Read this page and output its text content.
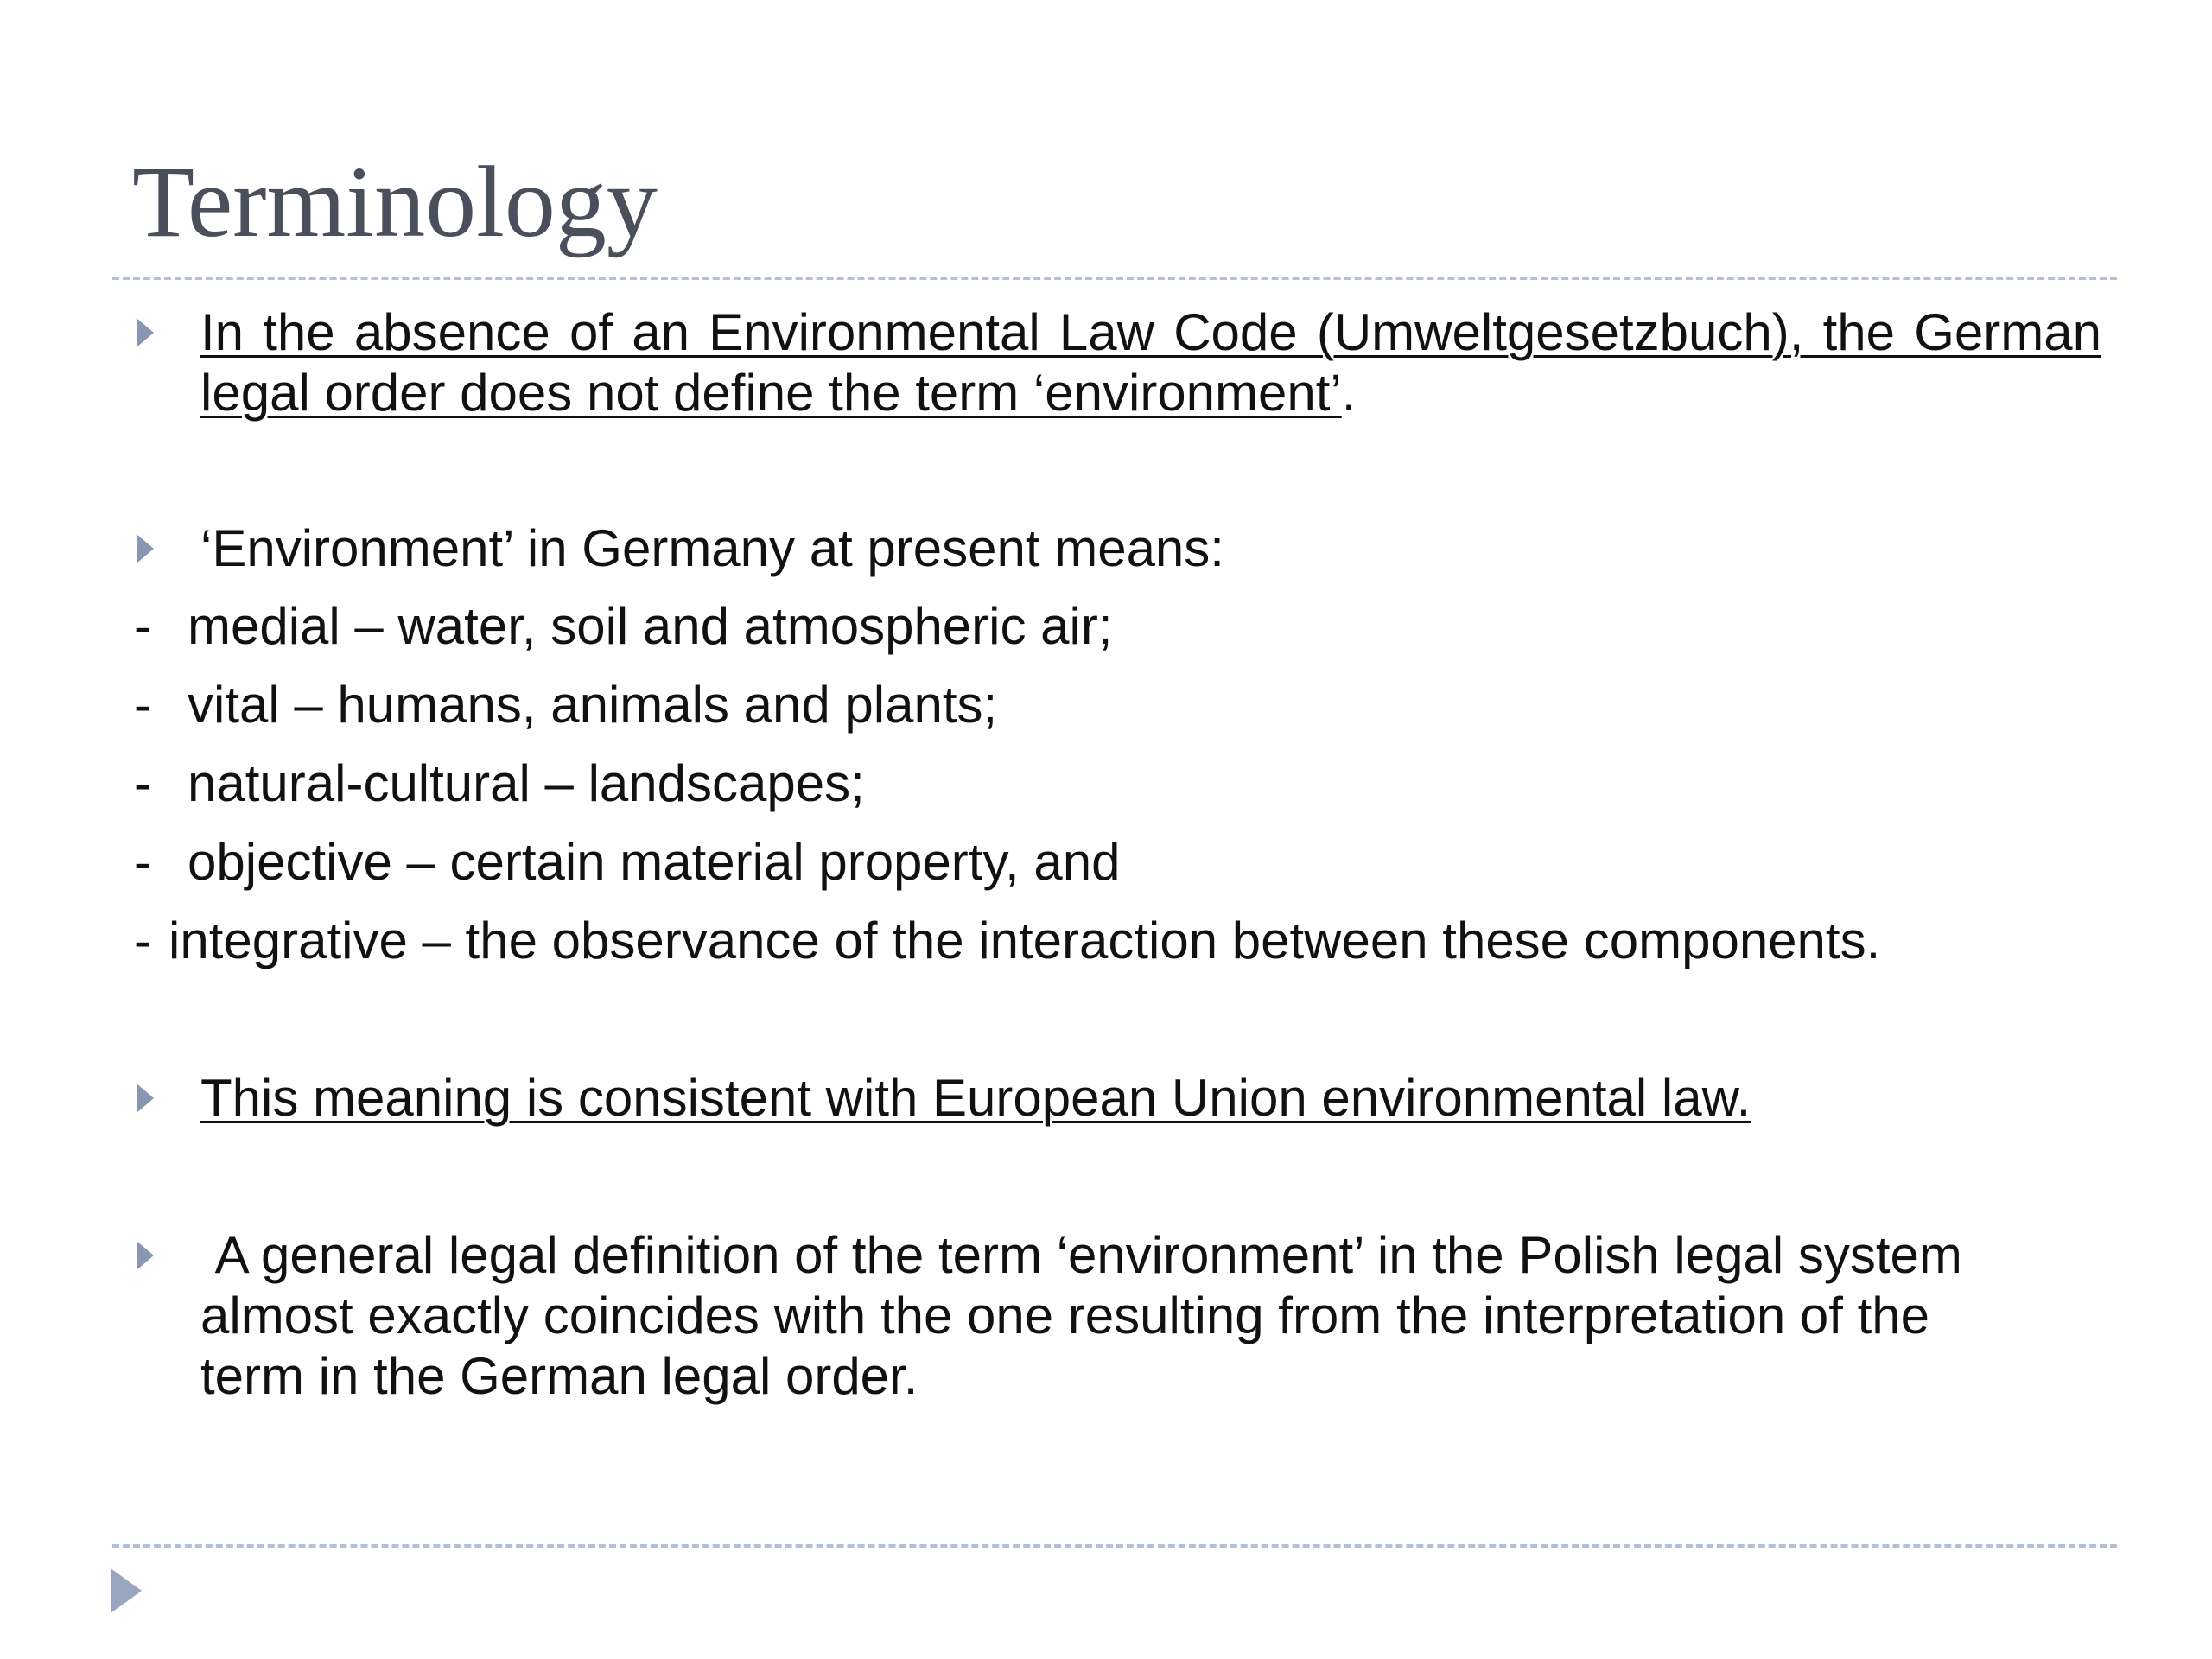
Terminology
In the absence of an Environmental Law Code (Umweltgesetzbuch), the German legal order does not define the term ‘environment’.
‘Environment’ in Germany at present means:
- medial – water, soil and atmospheric air;
- vital – humans, animals and plants;
- natural-cultural – landscapes;
- objective – certain material property, and
- integrative – the observance of the interaction between these components.
This meaning is consistent with European Union environmental law.
A general legal definition of the term ‘environment’ in the Polish legal system almost exactly coincides with the one resulting from the interpretation of the term in the German legal order.
